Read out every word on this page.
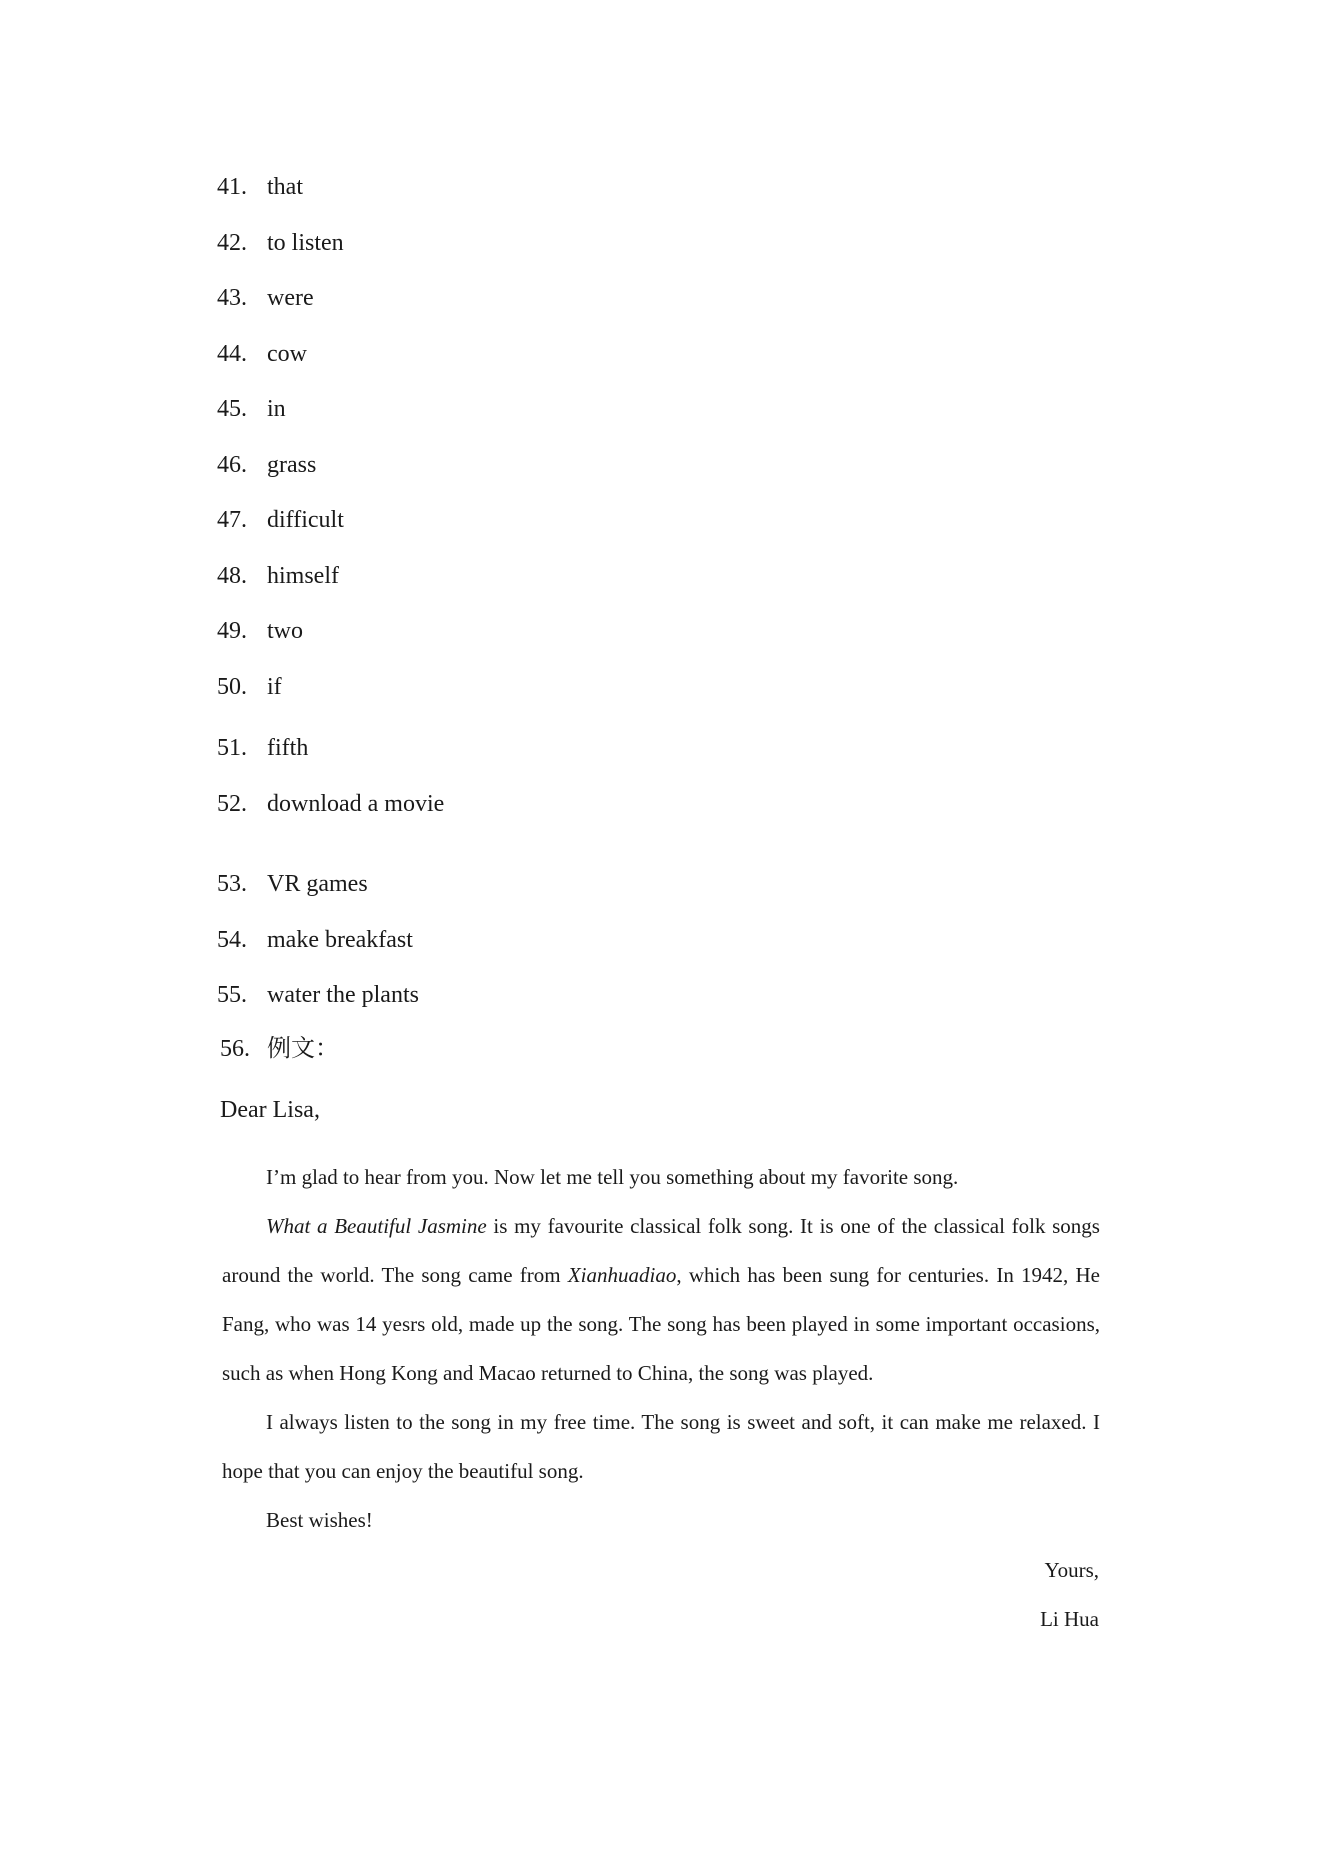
41. that
42. to listen
43. were
44. cow
45. in
46. grass
47. difficult
48. himself
49. two
50. if
51. fifth
52. download a movie
53. VR games
54. make breakfast
55. water the plants
56. 例文：
Dear Lisa,
I’m glad to hear from you. Now let me tell you something about my favorite song.
What a Beautiful Jasmine is my favourite classical folk song. It is one of the classical folk songs around the world. The song came from Xianhuadiao, which has been sung for centuries. In 1942, He Fang, who was 14 yesrs old, made up the song. The song has been played in some important occasions, such as when Hong Kong and Macao returned to China, the song was played.
I always listen to the song in my free time. The song is sweet and soft, it can make me relaxed. I hope that you can enjoy the beautiful song.
Best wishes!
Yours,
Li Hua
